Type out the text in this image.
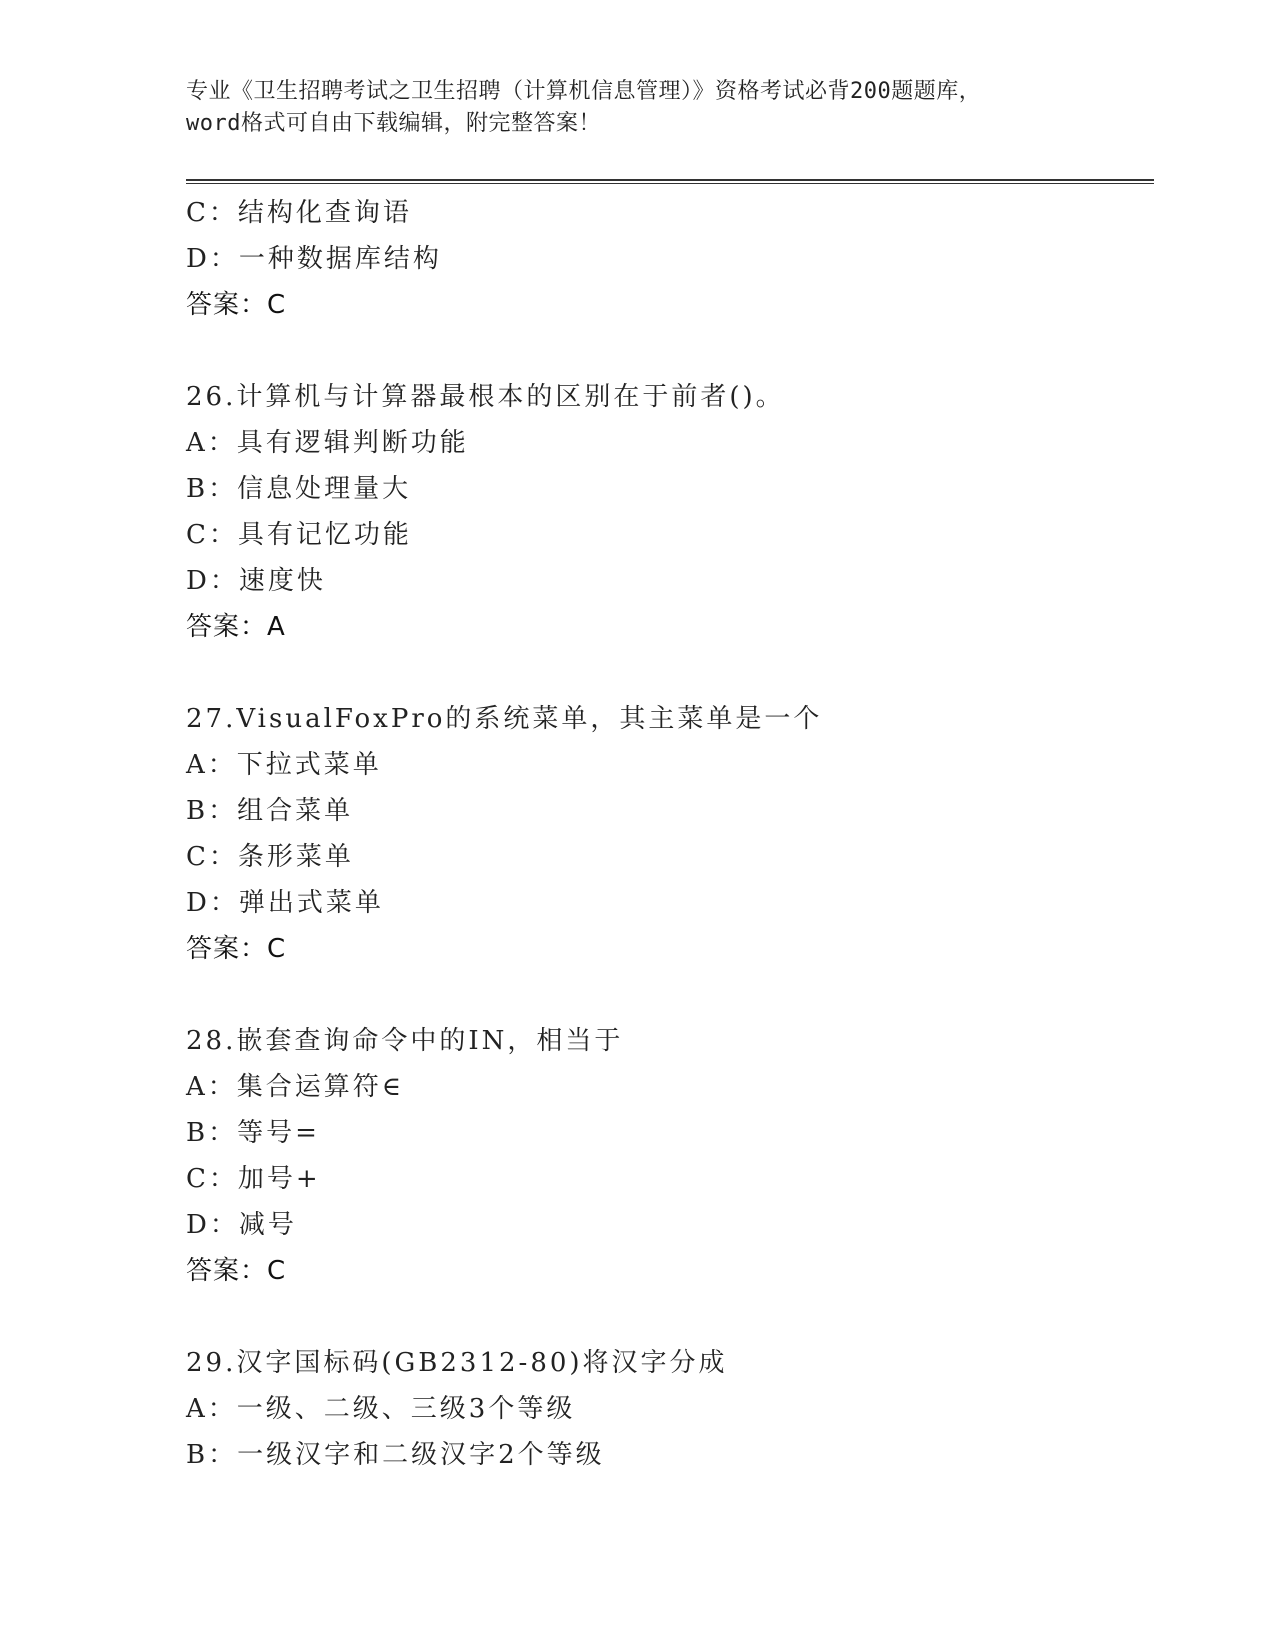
专业《卫生招聘考试之卫生招聘（计算机信息管理）》资格考试必背200题题库，
word格式可自由下载编辑，附完整答案！
C：结构化查询语
D：一种数据库结构
答案：C
26.计算机与计算器最根本的区别在于前者()。
A：具有逻辑判断功能
B：信息处理量大
C：具有记忆功能
D：速度快
答案：A
27.VisualFoxPro的系统菜单，其主菜单是一个
A：下拉式菜单
B：组合菜单
C：条形菜单
D：弹出式菜单
答案：C
28.嵌套查询命令中的IN，相当于
A：集合运算符∈
B：等号=
C：加号+
D：减号
答案：C
29.汉字国标码(GB2312-80)将汉字分成
A：一级、二级、三级3个等级
B：一级汉字和二级汉字2个等级
